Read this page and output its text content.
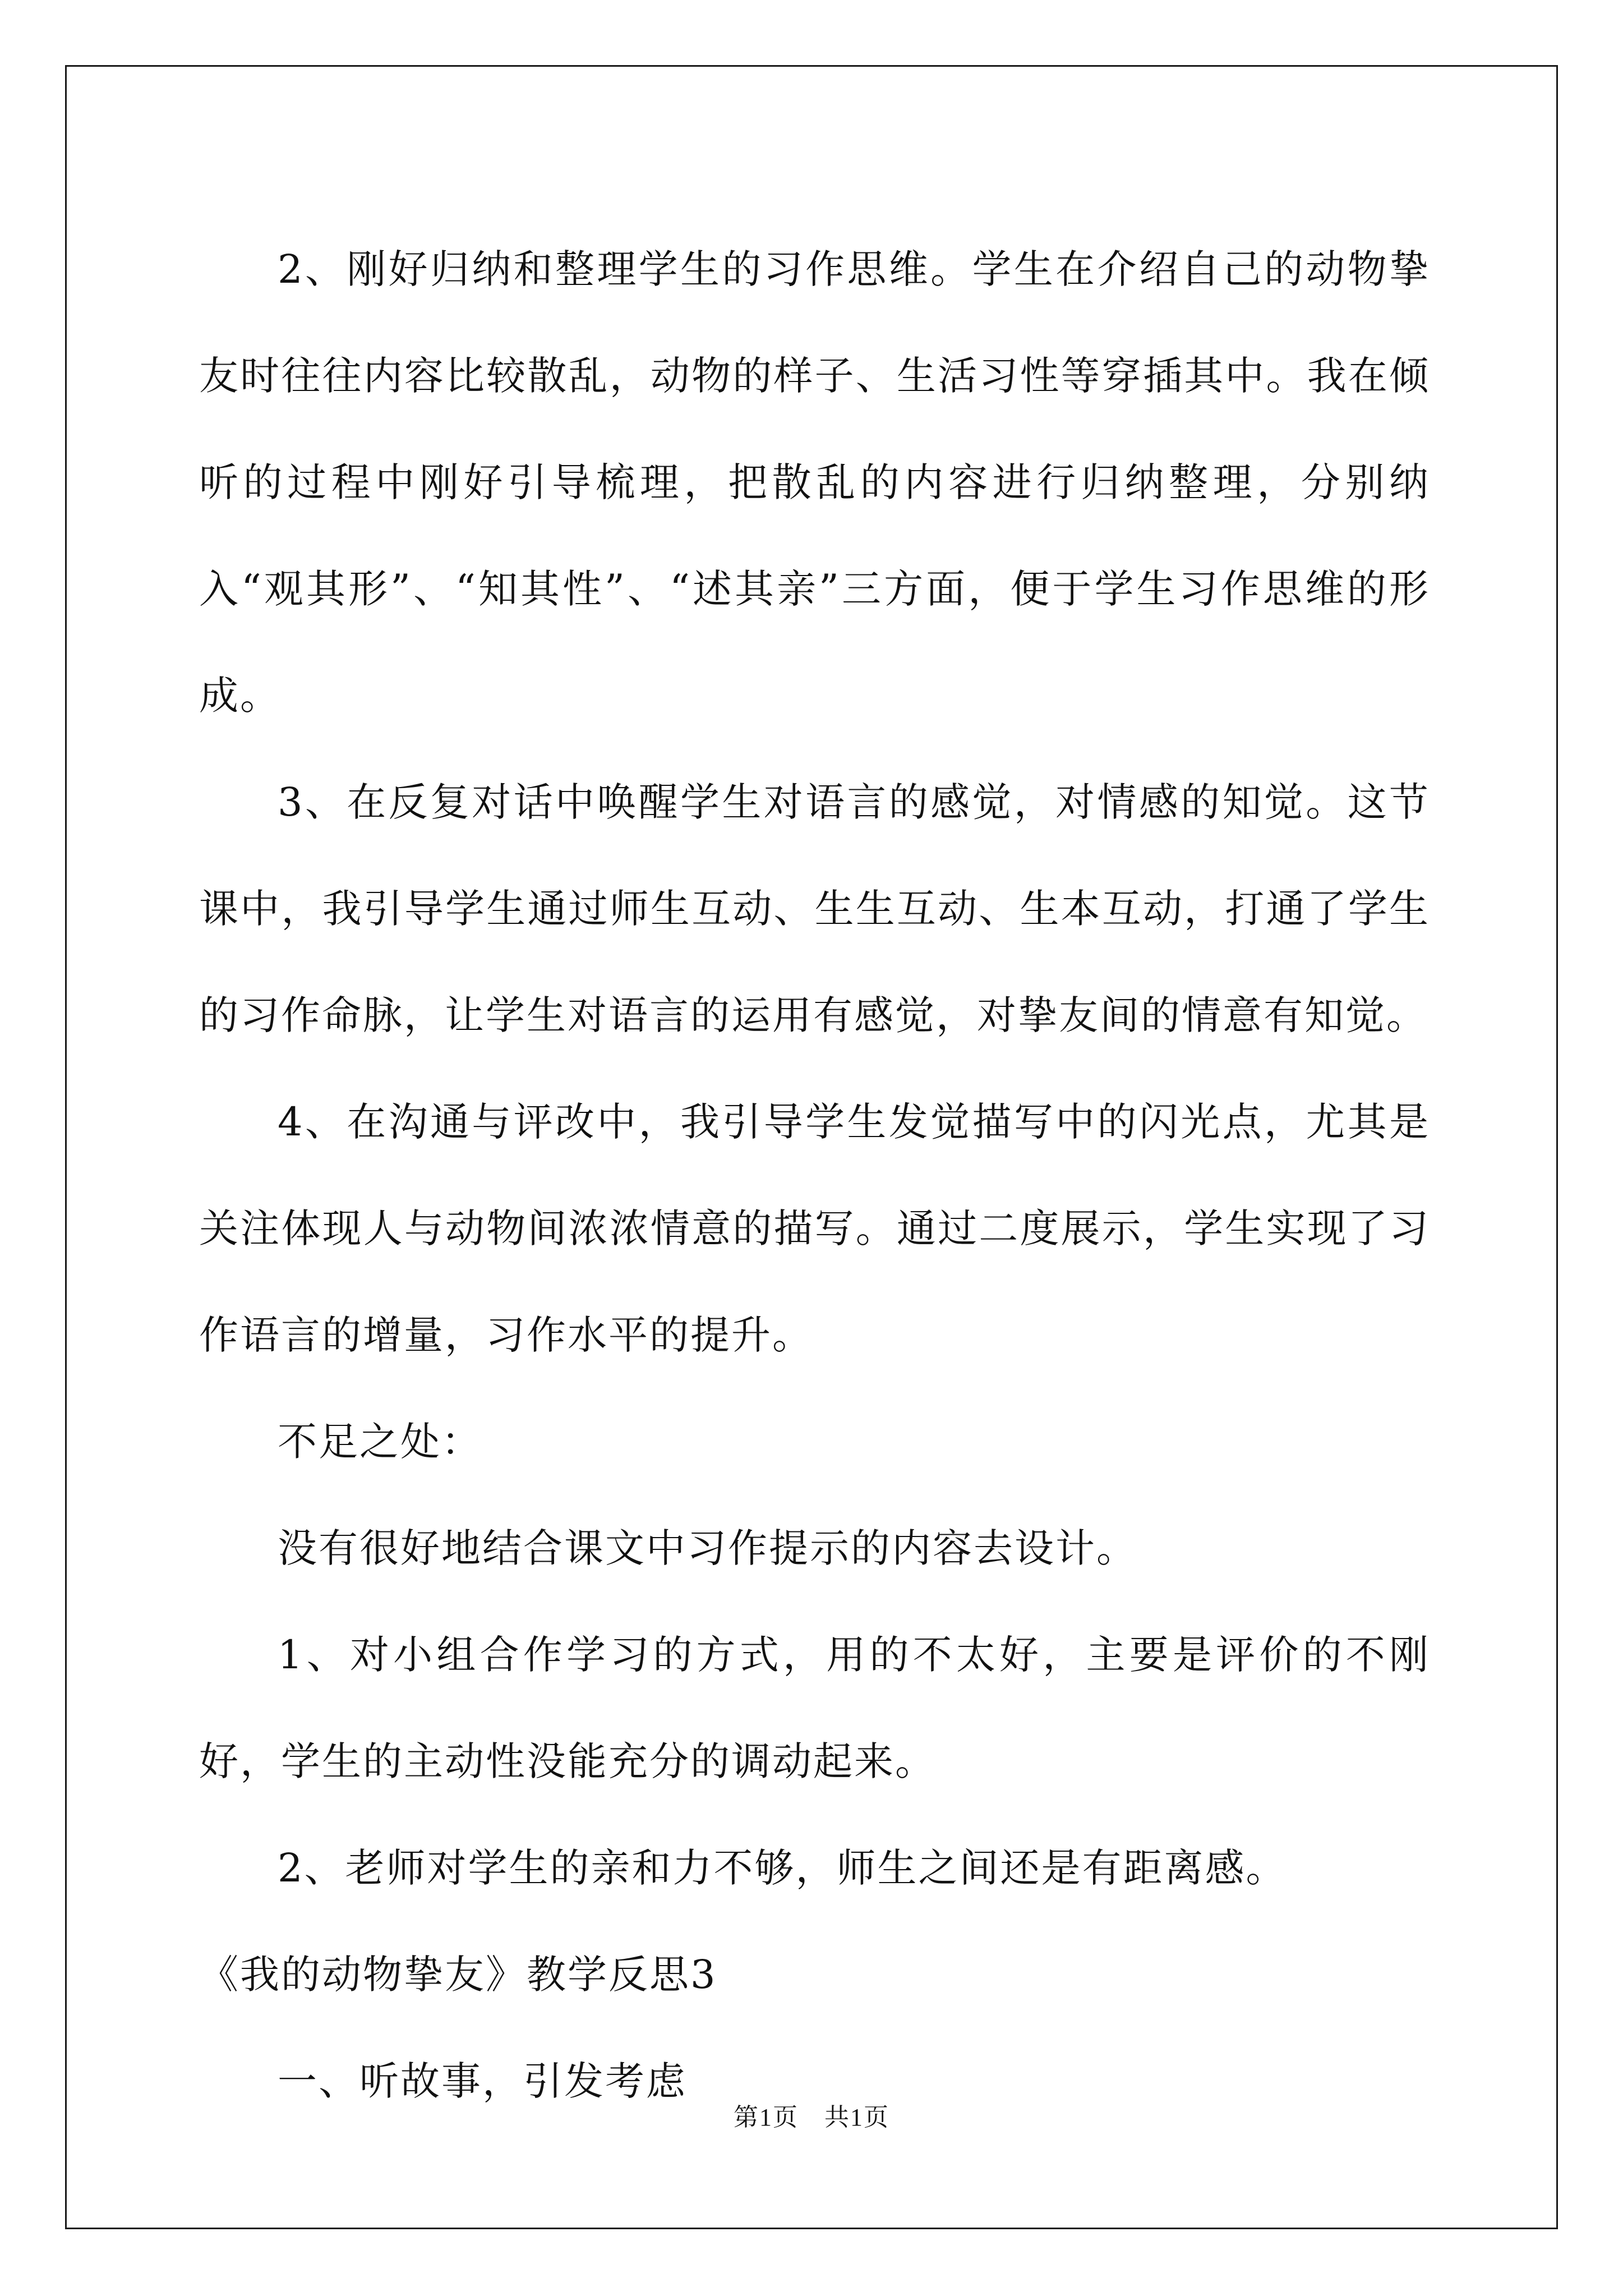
2、刚好归纳和整理学生的习作思维。学生在介绍自己的动物挚友时往往内容比较散乱，动物的样子、生活习性等穿插其中。我在倾听的过程中刚好引导梳理，把散乱的内容进行归纳整理，分别纳入“观其形”、“知其性”、“述其亲”三方面，便于学生习作思维的形成。

3、在反复对话中唤醒学生对语言的感觉，对情感的知觉。这节课中，我引导学生通过师生互动、生生互动、生本互动，打通了学生的习作命脉，让学生对语言的运用有感觉，对挚友间的情意有知觉。

4、在沟通与评改中，我引导学生发觉描写中的闪光点，尤其是关注体现人与动物间浓浓情意的描写。通过二度展示，学生实现了习作语言的增量，习作水平的提升。

不足之处：

没有很好地结合课文中习作提示的内容去设计。

1、对小组合作学习的方式，用的不太好，主要是评价的不刚好，学生的主动性没能充分的调动起来。

2、老师对学生的亲和力不够，师生之间还是有距离感。

《我的动物挚友》教学反思3

一、听故事，引发考虑

第1页　共1页
